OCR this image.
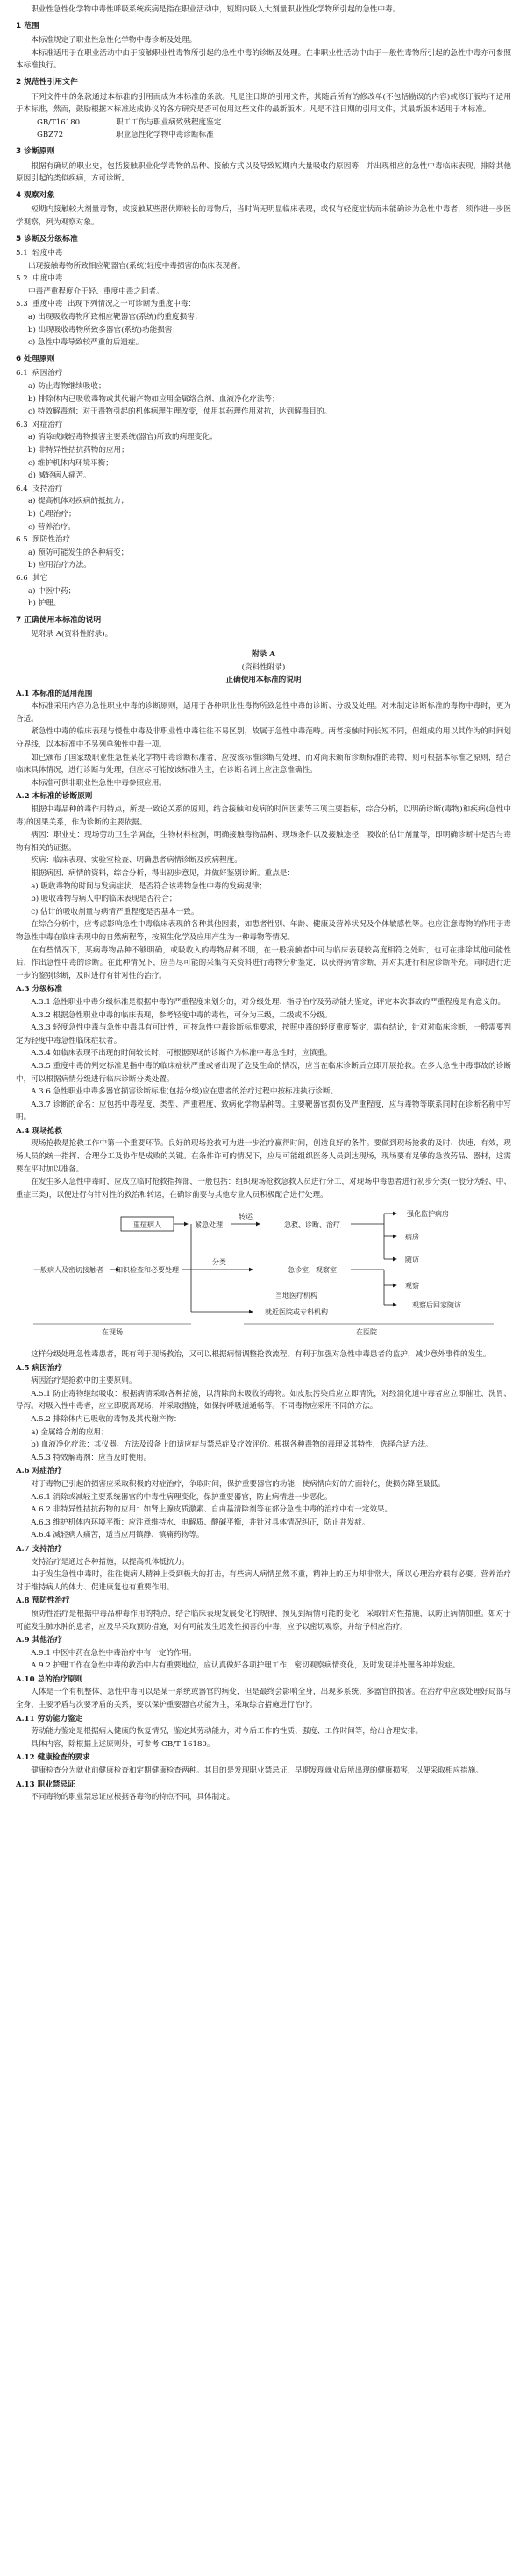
职业性急性化学物中毒性呼吸系统疾病是指在职业活动中，短期内吸入大剂量职业性化学物所引起的急性中毒。

1 范围

本标准规定了职业性急性化学物中毒诊断及处理。

本标准适用于在职业活动中由于接触职业性毒物所引起的急性中毒的诊断及处理。在非职业性活动中由于一般性毒物所引起的急性中毒亦可参照本标准执行。

2 规范性引用文件

下列文件中的条款通过本标准的引用而成为本标准的条款。凡是注日期的引用文件，其随后所有的修改单(不包括勘误的内容)或修订版均不适用于本标准，然而，鼓励根据本标准达成协议的各方研究是否可使用这些文件的最新版本。凡是不注日期的引用文件，其最新版本适用于本标准。

GB/T16180	职工工伤与职业病致残程度鉴定
GBZ72	职业急性化学物中毒诊断标准
3 诊断原则

根据有确切的职业史，包括接触职业化学毒物的品种、接触方式以及导致短期内大量吸收的原因等，并出现相应的急性中毒临床表现，排除其他原因引起的类似疾病，方可诊断。

4 观察对象

短期内接触较大剂量毒物，或接触某些潜伏期较长的毒物后，当时尚无明显临床表现，或仅有轻度症状而未能确诊为急性中毒者，须作进一步医学观察，列为观察对象。

5 诊断及分级标准
5.1 轻度中毒
出现接触毒物所致相应靶器官(系统)轻度中毒损害的临床表现者。
5.2 中度中毒
中毒严重程度介于轻、重度中毒之间者。
5.3 重度中毒 出现下列情况之一可诊断为重度中毒：
a) 出现吸收毒物所致相应靶器官(系统)的重度损害；
b) 出现吸收毒物所致多器官(系统)功能损害；
c) 急性中毒导致较严重的后遗症。
6 处理原则
6.1 病因治疗
a) 防止毒物继续吸收；
b) 排除体内已吸收毒物或其代谢产物如应用金属络合剂、血液净化疗法等；
c) 特效解毒剂：对于毒物引起的机体病理生理改变，使用其药理作用对抗，达到解毒目的。
6.3 对症治疗
a) 消除或减轻毒物损害主要系统(器官)所致的病理变化；
b) 非特异性拮抗药物的应用；
c) 维护机体内环境平衡；
d) 减轻病人痛苦。
6.4 支持治疗
a) 提高机体对疾病的抵抗力；
b) 心理治疗；
c) 营养治疗。
6.5 预防性治疗
a) 预防可能发生的各种病变；
b) 应用治疗方法。
6.6 其它
a) 中医中药；
b) 护理。
7 正确使用本标准的说明

见附录 A(资料性附录)。

附录 A
(资料性附录)
正确使用本标准的说明
A.1 本标准的适用范围

本标准采用内容为急性职业中毒的诊断原则，适用于各种职业性毒物所致急性中毒的诊断、分级及处理。对未制定诊断标准的毒物中毒时，更为合适。

紧急性中毒的临床表现与慢性中毒及非职业性中毒往往不易区别，故属于急性中毒范畴。两者接触时间长短不同，但组成的用以其作为的时间划分界线，以本标准中不另列单独性中毒一项。

如已颁布了国家级职业性急性某化学物中毒诊断标准者，应按该标准诊断与处理，而对尚未颁布诊断标准的毒物，则可根据本标准之原则，结合临床具体情况，进行诊断与处理，但应尽可能按该标准为主，在诊断名词上应注意准确性。

本标准可供非职业性急性中毒参照应用。

A.2 本标准的诊断原则

根据中毒品种的毒作用特点，所提一致论关系的原则，结合接触和发病的时间因素等三项主要指标，综合分析，以明确诊断(毒物)和疾病(急性中毒)的因果关系，作为诊断的主要依据。

病因：职业史：现场劳动卫生学调查，生物材料检测，明确接触毒物品种、现场条件以及接触途径，吸收的估计剂量等，即明确诊断中是否与毒物有相关的证据。

疾病：临床表现、实验室检查、明确患者病情诊断及疾病程度。

根据病因、病情的资料，综合分析，得出初步意见，并做好鉴别诊断。重点是：

a) 吸收毒物的时间与发病症状，是否符合该毒物急性中毒的发病规律；

b) 吸收毒物与病人中的临床表现是否符合；

c) 估计的吸收剂量与病情严重程度是否基本一致。

在综合分析中，应考虑影响急性中毒临床表现的各种其他因素，如患者性别、年龄、健康及营养状况及个体敏感性等。也应注意毒物的作用于毒物急性中毒在临床表现中的自然病程等，按照生化学及应用产生为一种毒物等情况。

在有些情况下，某病毒物品种不够明确，或吸收入的毒物品种不明，在一般接触者中可与临床表现较高度相符之处时，也可在排除其他可能性后，作出急性中毒的诊断。在此种情况下，应当尽可能的采集有关资料进行毒物分析鉴定，以获得病情诊断，并对其进行相应诊断补充。同时进行进一步的鉴别诊断，及时进行有针对性的治疗。

A.3 分级标准

A.3.1 急性职业中毒分级标准是根据中毒的严重程度来划分的，对分级处理、指导治疗及劳动能力鉴定，评定本次事故的严重程度是有意义的。

A.3.2 根据急性职业中毒的临床表现，参考轻度中毒的毒性，可分为三级，二级或不分级。

A.3.3 轻度急性中毒与急性中毒具有可比性，可按急性中毒诊断标准要求，按照中毒的轻度重度鉴定，需有结论，针对对临床诊断，一般需要判定为轻度中毒急性临床症状者。

A.3.4 如临床表现不出现的时间较长时，可根据现场的诊断作为标准中毒急性时，应慎重。

A.3.5 重度中毒的判定标准是指中毒的临床症状严重或者出现了危及生命的情况，应当在临床诊断后立即开展抢救。在多人急性中毒事故的诊断中，可以根据病情分级进行临床诊断分类处置。

A.3.6 急性职业中毒多器官损害诊断标准(包括分级)应在患者的治疗过程中按标准执行诊断。

A.3.7 诊断的命名：应包括中毒程度、类型、严重程度、致病化学物品种等。主要靶器官损伤及严重程度，应与毒物等联系同时在诊断名称中写明。

A.4 现场抢救

现场抢救是抢救工作中第一个重要环节。良好的现场抢救可为进一步治疗赢得时间，创造良好的条件。要做到现场抢救的及时、快速、有效，现场人员的统一指挥、合理分工及协作是成败的关键。在条件许可的情况下，应尽可能组织医务人员到达现场，现场要有足够的急救药品、器材，这需要在平时加以准备。

在发生多人急性中毒时，应成立临时抢救指挥部，一般包括：组织现场抢救急救人员进行分工，对现场中毒患者进行初步分类(一般分为轻、中、重症三类)，以便进行有针对性的救治和转运，在确诊前要与其他专业人员积极配合进行处理。

重症病人	紧急处理
转运
急救、诊断、治疗
强化监护病房
病房
随访
一般病人及密切接触者 知识检查和必要处理
分类
急诊室，观察室
观察
观察后回家随访
当地医疗机构
就近医院或专科机构
在现场	在医院

这样分级处理急性毒患者，既有利于现场救治，又可以根据病情调整抢救流程，有利于加强对急性中毒患者的监护，减少意外事件的发生。

A.5 病因治疗

病因治疗是抢救中的主要原则。

A.5.1 防止毒物继续吸收：根据病情采取各种措施，以清除尚未吸收的毒物。如皮肤污染后应立即清洗，对经消化道中毒者应立即催吐、洗胃、导泻。对吸入性中毒者，应立即脱离现场，并采取措施，如保持呼吸道通畅等。不同毒物应采用不同的方法。

A.5.2 排除体内已吸收的毒物及其代谢产物：

a) 金属络合剂的应用；

b) 血液净化疗法：其仪器、方法及设备上的适应症与禁忌症及疗效评价。根据各种毒物的毒理及其特性，选择合适方法。

A.5.3 特效解毒剂：应当及时使用。

A.6 对症治疗

对于毒物已引起的损害应采取积极的对症治疗，争取时间，保护重要器官的功能，使病情向好的方面转化，使损伤降至最低。

A.6.1 消除或减轻主要系统器官的中毒性病理变化，保护重要器官，防止病情进一步恶化。

A.6.2 非特异性拮抗药物的应用：如肾上腺皮质激素、自由基清除剂等在部分急性中毒的治疗中有一定效果。

A.6.3 维护机体内环境平衡：应注意维持水、电解质、酸碱平衡，并针对具体情况纠正，防止并发症。

A.6.4 减轻病人痛苦，适当应用镇静、镇痛药物等。

A.7 支持治疗

支持治疗是通过各种措施，以提高机体抵抗力。

由于发生急性中毒时，往往使病人精神上受到极大的打击，有些病人病情虽然不重，精神上的压力却非常大，所以心理治疗很有必要。营养治疗对于维持病人的体力、促进康复也有重要作用。

A.8 预防性治疗

预防性治疗是根据中毒品种毒作用的特点，结合临床表现发展变化的规律，预见到病情可能的变化，采取针对性措施，以防止病情加重。如对于可能发生肺水肿的患者，应及早采取预防措施，对有可能发生迟发性损害的中毒，应予以密切观察，并给予相应治疗。

A.9 其他治疗

A.9.1 中医中药在急性中毒治疗中有一定的作用。

A.9.2 护理工作在急性中毒的救治中占有重要地位，应认真做好各项护理工作，密切观察病情变化，及时发现并处理各种并发症。

A.10 总的治疗原则

人体是一个有机整体，急性中毒可以是某一系统或器官的病变，但是最终会影响全身，出现多系统、多器官的损害。在治疗中应该处理好局部与全身、主要矛盾与次要矛盾的关系，要以保护重要器官功能为主，采取综合措施进行治疗。

A.11 劳动能力鉴定

劳动能力鉴定是根据病人健康的恢复情况，鉴定其劳动能力，对今后工作的性质、强度、工作时间等，给出合理安排。

具体内容，除根据上述原则外，可参考 GB/T 16180。

A.12 健康检查的要求

健康检查分为就业前健康检查和定期健康检查两种。其目的是发现职业禁忌证，早期发现就业后所出现的健康损害，以便采取相应措施。

A.13 职业禁忌证

不同毒物的职业禁忌证应根据各毒物的特点不同，具体制定。
